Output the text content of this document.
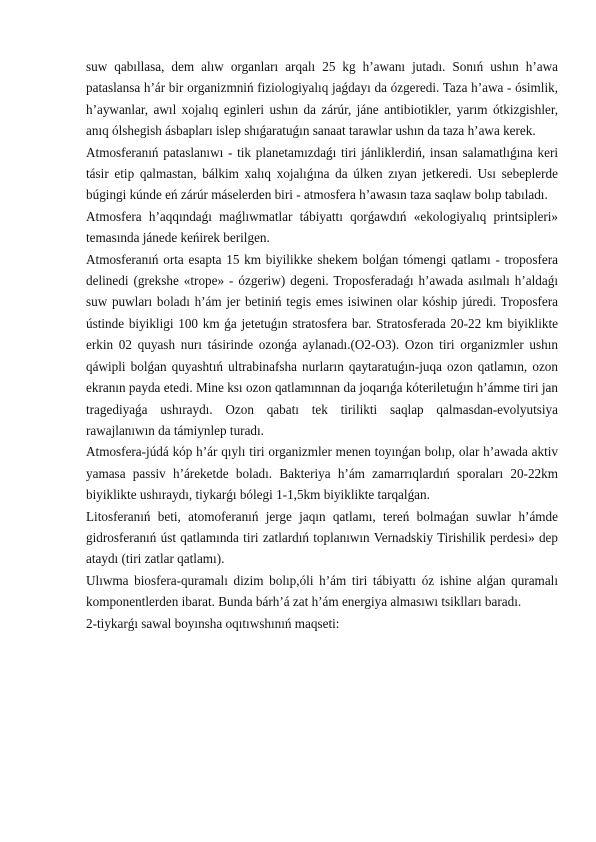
suw qabıllasa, dem alıw organları arqalı 25 kg h’awanı jutadı. Sonıń ushın h’awa pataslansa h’ár bir organizmniń fiziologiyalıq jaǵdayı da ózgeredi. Taza h’awa - ósimlik, h’aywanlar, awıl xojalıq eginleri ushın da zárúr, jáne antibiotikler, yarım ótkizgishler, anıq ólshegish ásbapları islep shıǵaratuǵın sanaat tarawlar ushın da taza h’awa kerek.

Atmosferanıń pataslanıwı - tik planetamızdaǵı tiri jánliklerdiń, insan salamatlıǵına keri tásir etip qalmastan, bálkim xalıq xojalıǵına da úlken zıyan jetkeredi. Usı sebeplerde búgingi kúnde eń zárúr máselerden biri - atmosfera h’awasın taza saqlaw bolıp tabıladı.

Atmosfera h’aqqındaǵı maǵlıwmatlar tábiyattı qorǵawdıń «ekologiyalıq printsipleri» temasında jánede keńirek berilgen.

Atmosferanıń orta esapta 15 km biyilikke shekem bolǵan tómengi qatlamı - troposfera delinedi (grekshe «trope» - ózgeriw) degeni. Troposferadaǵı h’awada asılmalı h’aldaǵı suw puwları boladı h’ám jer betiniń tegis emes isiwinen olar kóship júredi. Troposfera ústinde biyikligi 100 km ǵa jetetuǵın stratosfera bar. Stratosferada 20-22 km biyiklikte erkin 02 quyash nurı tásirinde ozonǵa aylanadı.(O2-O3). Ozon tiri organizmler ushın qáwipli bolǵan quyashtıń ultrabinafsha nurların qaytaratuǵın-juqa ozon qatlamın, ozon ekranın payda etedi. Mine ksı ozon qatlamınnan da joqarıǵa kóteriletuǵın h’ámme tiri jan tragediyaǵa ushıraydı. Ozon qabatı tek tirilikti saqlap qalmasdan-evolyutsiya rawajlanıwın da támiynlep turadı.

Atmosfera-júdá kóp h’ár qıylı tiri organizmler menen toyınǵan bolıp, olar h’awada aktiv yamasa passiv h’áreketde boladı. Bakteriya h’ám zamarrıqlardıń sporaları 20-22km biyiklikte ushıraydı, tiykarǵı bólegi 1-1,5km biyiklikte tarqalǵan.

Litosferanıń beti, atomoferanıń jerge jaqın qatlamı, tereń bolmaǵan suwlar h’ámde gidrosferanıń úst qatlamında tiri zatlardıń toplanıwın Vernadskiy Tirishilik perdesi» dep ataydı (tiri zatlar qatlamı).

Ulıwma biosfera-quramalı dizim bolıp,óli h’ám tiri tábiyattı óz ishine alǵan quramalı komponentlerden ibarat. Bunda bárh’á zat h’ám energiya almasıwı tsiklları baradı.

2-tiykarǵı sawal boyınsha oqıtıwshınıń maqseti:
